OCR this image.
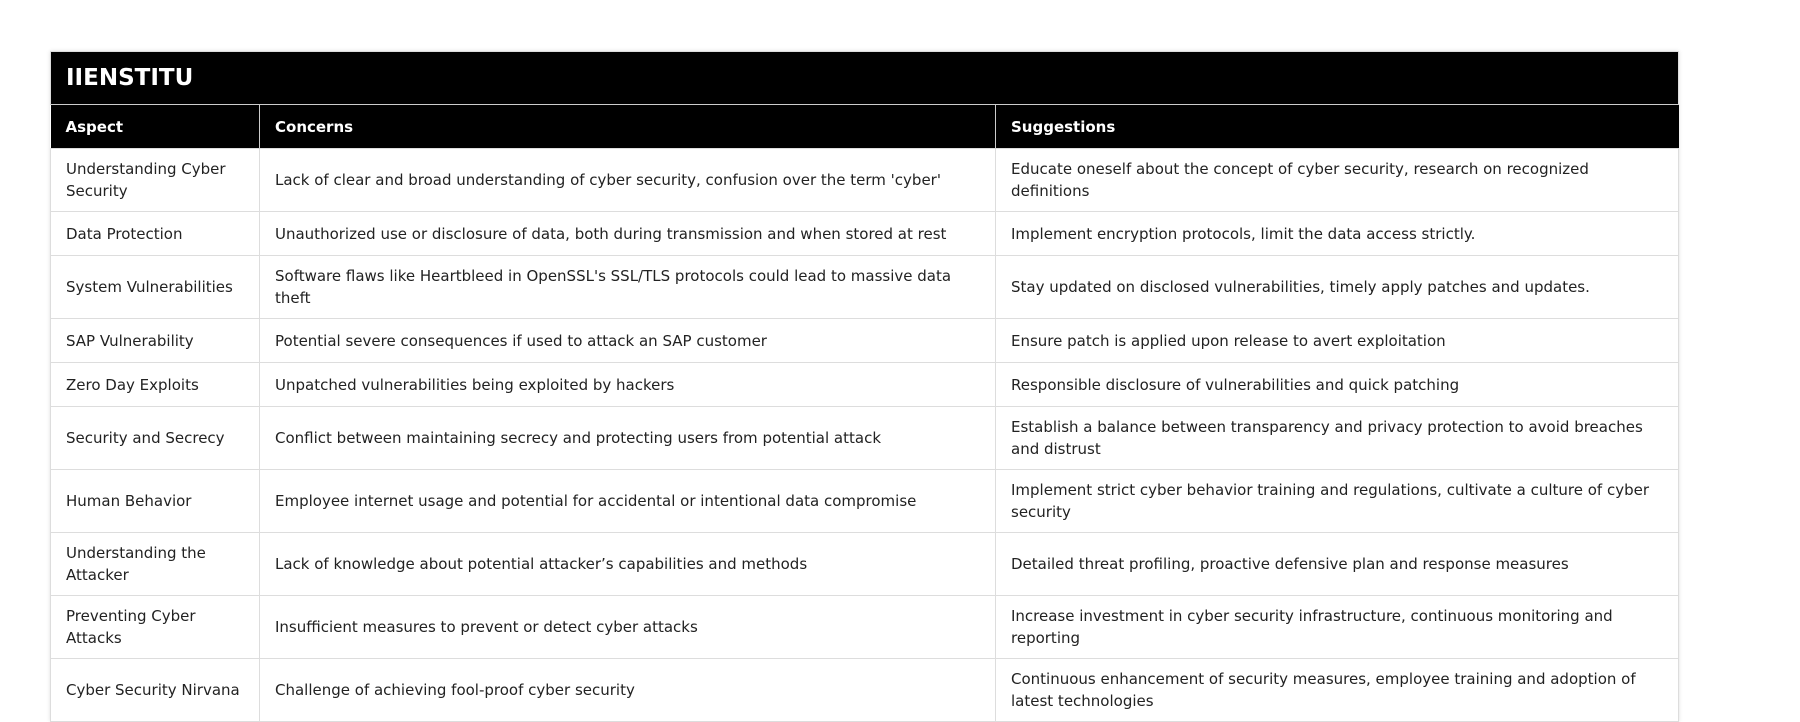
IIENSTITU		
Aspect	Concerns	Suggestions
Understanding Cyber Security	Lack of clear and broad understanding of cyber security, confusion over the term 'cyber'	Educate oneself about the concept of cyber security, research on recognized definitions
Data Protection	Unauthorized use or disclosure of data, both during transmission and when stored at rest	Implement encryption protocols, limit the data access strictly.
System Vulnerabilities	Software flaws like Heartbleed in OpenSSL's SSL/TLS protocols could lead to massive data theft	Stay updated on disclosed vulnerabilities, timely apply patches and updates.
SAP Vulnerability	Potential severe consequences if used to attack an SAP customer	Ensure patch is applied upon release to avert exploitation
Zero Day Exploits	Unpatched vulnerabilities being exploited by hackers	Responsible disclosure of vulnerabilities and quick patching
Security and Secrecy	Conflict between maintaining secrecy and protecting users from potential attack	Establish a balance between transparency and privacy protection to avoid breaches and distrust
Human Behavior	Employee internet usage and potential for accidental or intentional data compromise	Implement strict cyber behavior training and regulations, cultivate a culture of cyber security
Understanding the Attacker	Lack of knowledge about potential attacker’s capabilities and methods	Detailed threat profiling, proactive defensive plan and response measures
Preventing Cyber Attacks	Insufficient measures to prevent or detect cyber attacks	Increase investment in cyber security infrastructure, continuous monitoring and reporting
Cyber Security Nirvana	Challenge of achieving fool-proof cyber security	Continuous enhancement of security measures, employee training and adoption of latest technologies
